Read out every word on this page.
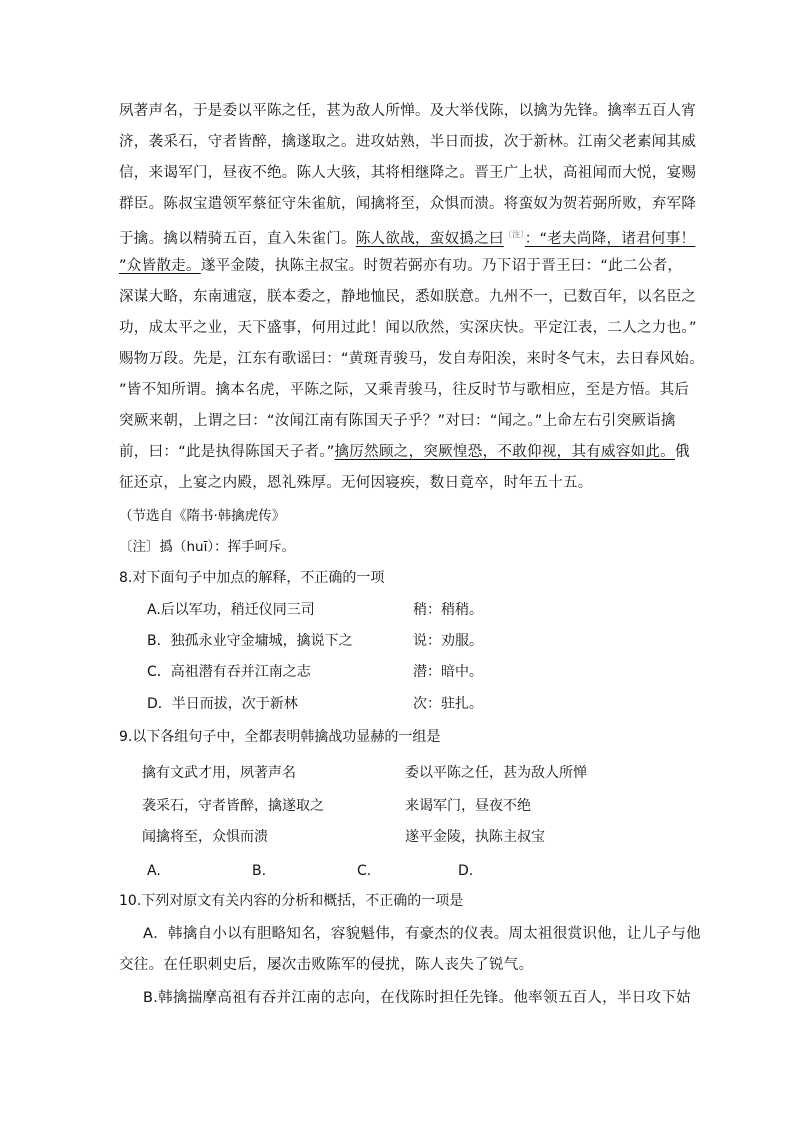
夙著声名，于是委以平陈之任，甚为敌人所惮。及大举伐陈，以擒为先锋。擒率五百人宵
济，袭采石，守者皆醉，擒遂取之。进攻姑熟，半日而拔，次于新林。江南父老素闻其威
信，来谒军门，昼夜不绝。陈人大骇，其将相继降之。晋王广上状，高祖闻而大悦，宴赐
群臣。陈叔宝遣领军蔡征守朱雀航，闻擒将至，众惧而溃。将蛮奴为贺若弼所败，弃军降
于擒。擒以精骑五百，直入朱雀门。陈人欲战，蛮奴撝之曰$^{〔注〕}$：“老夫尚降，诸君何事！
”众皆散走。遂平金陵，执陈主叔宝。时贺若弼亦有功。乃下诏于晋王曰：“此二公者，
深谋大略，东南逋寇，朕本委之，静地恤民，悉如朕意。九州不一，已数百年，以名臣之
功，成太平之业，天下盛事，何用过此！闻以欣然，实深庆快。平定江表，二人之力也。”
赐物万段。先是，江东有歌谣曰：“黄斑青骏马，发自寿阳涘，来时冬气末，去日春风始。
”皆不知所谓。擒本名虎，平陈之际，又乘青骏马，往反时节与歌相应，至是方悟。其后
突厥来朝，上谓之曰：“汝闻江南有陈国天子乎？”对曰：“闻之。”上命左右引突厥诣擒
前，曰：“此是执得陈国天子者。”擒厉然顾之，突厥惶恐，不敢仰视，其有威容如此。俄
征还京，上宴之内殿，恩礼殊厚。无何因寝疾，数日竟卒，时年五十五。
（节选自《隋书·韩擒虎传》
〔注〕撝（huī）：挥手呵斥。
8.对下面句子中加点的解释，不正确的一项
A.后以军功，稍迁仪同三司	稍：稍稍。
B．独孤永业守金墉城，擒说下之	说：劝服。
C．高祖潜有吞并江南之志	潜：暗中。
D．半日而拔，次于新林	次：驻扎。
9.以下各组句子中，全都表明韩擒战功显赫的一组是
擒有文武才用，夙著声名	委以平陈之任，甚为敌人所惮
袭采石，守者皆醉，擒遂取之	来谒军门，昼夜不绝
闻擒将至，众惧而溃	遂平金陵，执陈主叔宝
A.	B.	C.	D.
10.下列对原文有关内容的分析和概括，不正确的一项是
A．韩擒自小以有胆略知名，容貌魁伟，有豪杰的仪表。周太祖很赏识他，让儿子与他
交往。在任职刺史后，屡次击败陈军的侵扰，陈人丧失了锐气。
B.韩擒揣摩高祖有吞并江南的志向，在伐陈时担任先锋。他率领五百人，半日攻下姑
